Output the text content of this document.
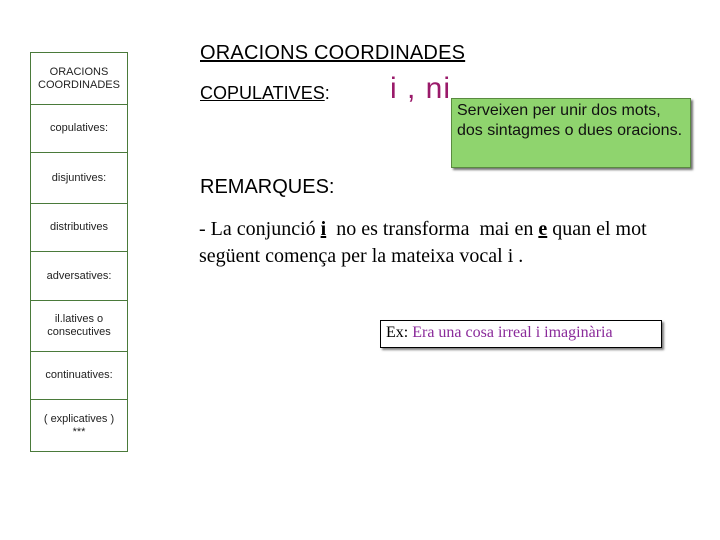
ORACIONS
COORDINADES
copulatives:
disjuntives:
distributives
adversatives:
il.latives o
consecutives
continuatives:
( explicatives )
***
ORACIONS COORDINADES
COPULATIVES: i , ni
Serveixen per unir dos mots, dos sintagmes o dues oracions.
REMARQUES:
- La conjunció i  no es transforma  mai en e quan el mot següent comença per la mateixa vocal i .
Ex: Era una cosa irreal i imaginària
